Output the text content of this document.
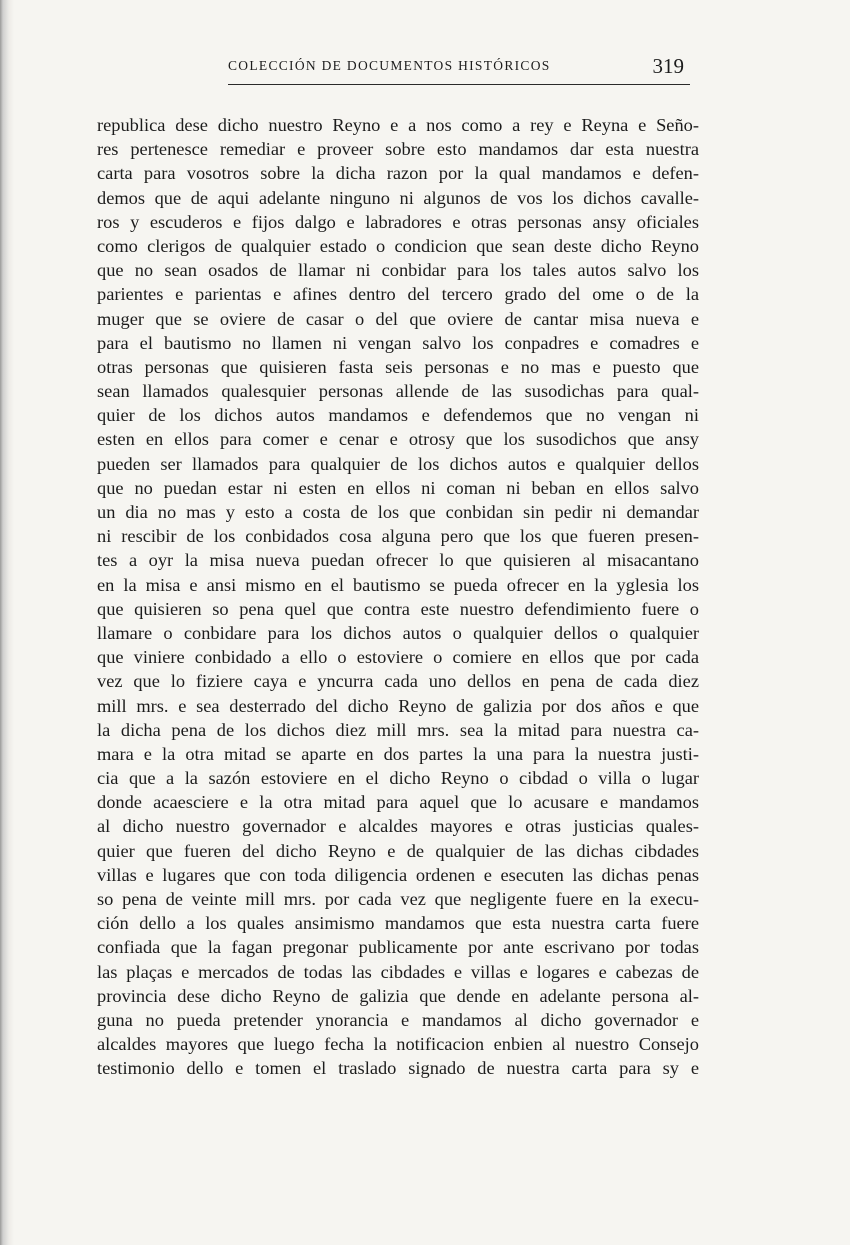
COLECCIÓN DE DOCUMENTOS HISTÓRICOS	319
republica dese dicho nuestro Reyno e a nos como a rey e Reyna e Seño-
res pertenesce remediar e proveer sobre esto mandamos dar esta nuestra
carta para vosotros sobre la dicha razon por la qual mandamos e defen-
demos que de aqui adelante ninguno ni algunos de vos los dichos cavalle-
ros y escuderos e fijos dalgo e labradores e otras personas ansy oficiales
como clerigos de qualquier estado o condicion que sean deste dicho Reyno
que no sean osados de llamar ni conbidar para los tales autos salvo los
parientes e parientas e afines dentro del tercero grado del ome o de la
muger que se oviere de casar o del que oviere de cantar misa nueva e
para el bautismo no llamen ni vengan salvo los conpadres e comadres e
otras personas que quisieren fasta seis personas e no mas e puesto que
sean llamados qualesquier personas allende de las susodichas para qual-
quier de los dichos autos mandamos e defendemos que no vengan ni
esten en ellos para comer e cenar e otrosy que los susodichos que ansy
pueden ser llamados para qualquier de los dichos autos e qualquier dellos
que no puedan estar ni esten en ellos ni coman ni beban en ellos salvo
un dia no mas y esto a costa de los que conbidan sin pedir ni demandar
ni rescibir de los conbidados cosa alguna pero que los que fueren presen-
tes a oyr la misa nueva puedan ofrecer lo que quisieren al misacantano
en la misa e ansi mismo en el bautismo se pueda ofrecer en la yglesia los
que quisieren so pena quel que contra este nuestro defendimiento fuere o
llamare o conbidare para los dichos autos o qualquier dellos o qualquier
que viniere conbidado a ello o estoviere o comiere en ellos que por cada
vez que lo fiziere caya e yncurra cada uno dellos en pena de cada diez
mill mrs. e sea desterrado del dicho Reyno de galizia por dos años e que
la dicha pena de los dichos diez mill mrs. sea la mitad para nuestra ca-
mara e la otra mitad se aparte en dos partes la una para la nuestra justi-
cia que a la sazón estoviere en el dicho Reyno o cibdad o villa o lugar
donde acaesciere e la otra mitad para aquel que lo acusare e mandamos
al dicho nuestro governador e alcaldes mayores e otras justicias quales-
quier que fueren del dicho Reyno e de qualquier de las dichas cibdades
villas e lugares que con toda diligencia ordenen e esecuten las dichas penas
so pena de veinte mill mrs. por cada vez que negligente fuere en la execu-
ción dello a los quales ansimismo mandamos que esta nuestra carta fuere
confiada que la fagan pregonar publicamente por ante escrivano por todas
las plaças e mercados de todas las cibdades e villas e logares e cabezas de
provincia dese dicho Reyno de galizia que dende en adelante persona al-
guna no pueda pretender ynorancia e mandamos al dicho governador e
alcaldes mayores que luego fecha la notificacion enbien al nuestro Consejo
testimonio dello e tomen el traslado signado de nuestra carta para sy e
